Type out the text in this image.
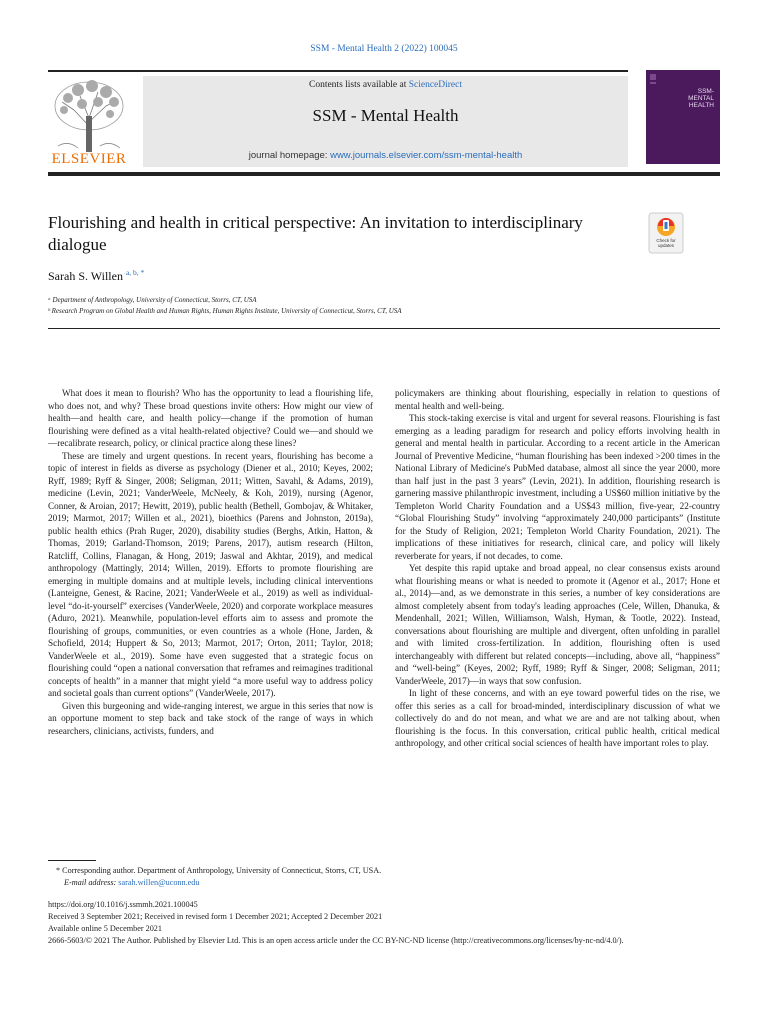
SSM - Mental Health 2 (2022) 100045
ELSEVIER
Contents lists available at ScienceDirect
SSM - Mental Health
journal homepage: www.journals.elsevier.com/ssm-mental-health
SSM-
MENTAL
HEALTH
Flourishing and health in critical perspective: An invitation to interdisciplinary dialogue	Check for updates
Sarah S. Willen $^{a, b, *}$
ᵃ Department of Anthropology, University of Connecticut, Storrs, CT, USA
ᵇ Research Program on Global Health and Human Rights, Human Rights Institute, University of Connecticut, Storrs, CT, USA

What does it mean to flourish? Who has the opportunity to lead a flourishing life, who does not, and why? These broad questions invite others: How might our view of health—and health care, and health policy—change if the promotion of human flourishing were defined as a vital health-related objective? Could we—and should we—recalibrate research, policy, or clinical practice along these lines?

These are timely and urgent questions. In recent years, flourishing has become a topic of interest in fields as diverse as psychology (Diener et al., 2010; Keyes, 2002; Ryff, 1989; Ryff & Singer, 2008; Seligman, 2011; Witten, Savahl, & Adams, 2019), medicine (Levin, 2021; VanderWeele, McNeely, & Koh, 2019), nursing (Agenor, Conner, & Aroian, 2017; Hewitt, 2019), public health (Bethell, Gombojav, & Whitaker, 2019; Marmot, 2017; Willen et al., 2021), bioethics (Parens and Johnston, 2019a), public health ethics (Prah Ruger, 2020), disability studies (Berghs, Atkin, Hatton, & Thomas, 2019; Garland-Thomson, 2019; Parens, 2017), autism research (Hilton, Ratcliff, Collins, Flanagan, & Hong, 2019; Jaswal and Akhtar, 2019), and medical anthropology (Mattingly, 2014; Willen, 2019). Efforts to promote flourishing are emerging in multiple domains and at multiple levels, including clinical interventions (Lanteigne, Genest, & Racine, 2021; VanderWeele et al., 2019) as well as individual-level “do-it-yourself” exercises (VanderWeele, 2020) and corporate workplace measures (Aduro, 2021). Meanwhile, population-level efforts aim to assess and promote the flourishing of groups, communities, or even countries as a whole (Hone, Jarden, & Schofield, 2014; Huppert & So, 2013; Marmot, 2017; Orton, 2011; Taylor, 2018; VanderWeele et al., 2019). Some have even suggested that a strategic focus on flourishing could “open a national conversation that reframes and reimagines traditional concepts of health” in a manner that might yield “a more useful way to address policy and societal goals than current options” (VanderWeele, 2017).

Given this burgeoning and wide-ranging interest, we argue in this series that now is an opportune moment to step back and take stock of the range of ways in which researchers, clinicians, activists, funders, and

policymakers are thinking about flourishing, especially in relation to questions of mental health and well-being.

This stock-taking exercise is vital and urgent for several reasons. Flourishing is fast emerging as a leading paradigm for research and policy efforts involving health in general and mental health in particular. According to a recent article in the American Journal of Preventive Medicine, “human flourishing has been indexed >200 times in the National Library of Medicine's PubMed database, almost all since the year 2000, more than half just in the past 3 years” (Levin, 2021). In addition, flourishing research is garnering massive philanthropic investment, including a US$60 million initiative by the Templeton World Charity Foundation and a US$43 million, five-year, 22-country “Global Flourishing Study” involving “approximately 240,000 participants” (Institute for the Study of Religion, 2021; Templeton World Charity Foundation, 2021). The implications of these initiatives for research, clinical care, and policy will likely reverberate for years, if not decades, to come.

Yet despite this rapid uptake and broad appeal, no clear consensus exists around what flourishing means or what is needed to promote it (Agenor et al., 2017; Hone et al., 2014)—and, as we demonstrate in this series, a number of key considerations are almost completely absent from today's leading approaches (Cele, Willen, Dhanuka, & Mendenhall, 2021; Willen, Williamson, Walsh, Hyman, & Tootle, 2022). Instead, conversations about flourishing are multiple and divergent, often unfolding in parallel and with limited cross-fertilization. In addition, flourishing often is used interchangeably with different but related concepts—including, above all, “happiness” and “well-being” (Keyes, 2002; Ryff, 1989; Ryff & Singer, 2008; Seligman, 2011; VanderWeele, 2017)—in ways that sow confusion.

In light of these concerns, and with an eye toward powerful tides on the rise, we offer this series as a call for broad-minded, interdisciplinary discussion of what we collectively do and do not mean, and what we are and are not talking about, when flourishing is the focus. In this conversation, critical public health, critical medical anthropology, and other critical social sciences of health have important roles to play.

* Corresponding author. Department of Anthropology, University of Connecticut, Storrs, CT, USA.
E-mail address: sarah.willen@uconn.edu
https://doi.org/10.1016/j.ssmmh.2021.100045
Received 3 September 2021; Received in revised form 1 December 2021; Accepted 2 December 2021
Available online 5 December 2021
2666-5603/© 2021 The Author. Published by Elsevier Ltd. This is an open access article under the CC BY-NC-ND license (http://creativecommons.org/licenses/by-nc-nd/4.0/).
